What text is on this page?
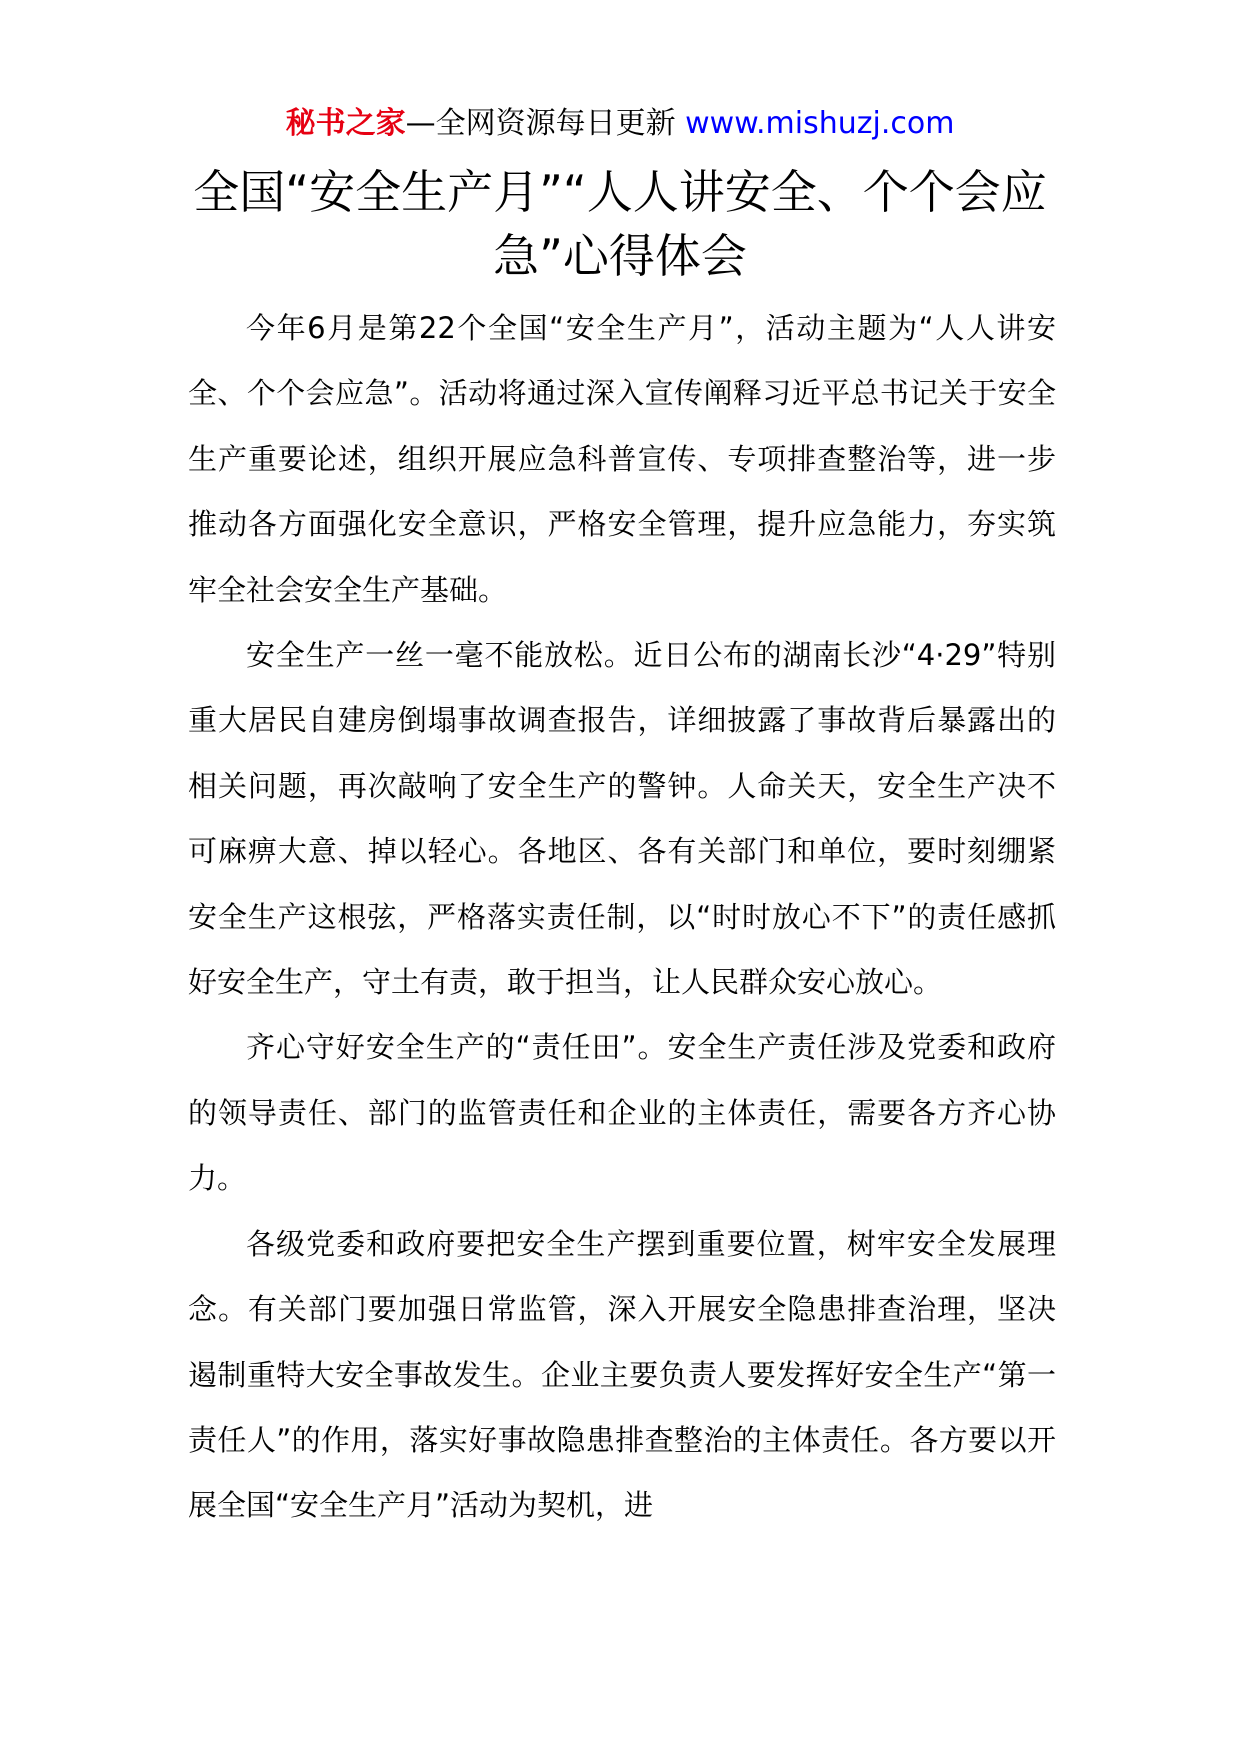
秘书之家—全网资源每日更新 www.mishuzj.com
全国“安全生产月”“人人讲安全、个个会应急”心得体会

今年6月是第22个全国“安全生产月”，活动主题为“人人讲安全、个个会应急”。活动将通过深入宣传阐释习近平总书记关于安全生产重要论述，组织开展应急科普宣传、专项排查整治等，进一步推动各方面强化安全意识，严格安全管理，提升应急能力，夯实筑牢全社会安全生产基础。

安全生产一丝一毫不能放松。近日公布的湖南长沙“4·29”特别重大居民自建房倒塌事故调查报告，详细披露了事故背后暴露出的相关问题，再次敲响了安全生产的警钟。人命关天，安全生产决不可麻痹大意、掉以轻心。各地区、各有关部门和单位，要时刻绷紧安全生产这根弦，严格落实责任制，以“时时放心不下”的责任感抓好安全生产，守土有责，敢于担当，让人民群众安心放心。

齐心守好安全生产的“责任田”。安全生产责任涉及党委和政府的领导责任、部门的监管责任和企业的主体责任，需要各方齐心协力。

各级党委和政府要把安全生产摆到重要位置，树牢安全发展理念。有关部门要加强日常监管，深入开展安全隐患排查治理，坚决遏制重特大安全事故发生。企业主要负责人要发挥好安全生产“第一责任人”的作用，落实好事故隐患排查整治的主体责任。各方要以开展全国“安全生产月”活动为契机，进
